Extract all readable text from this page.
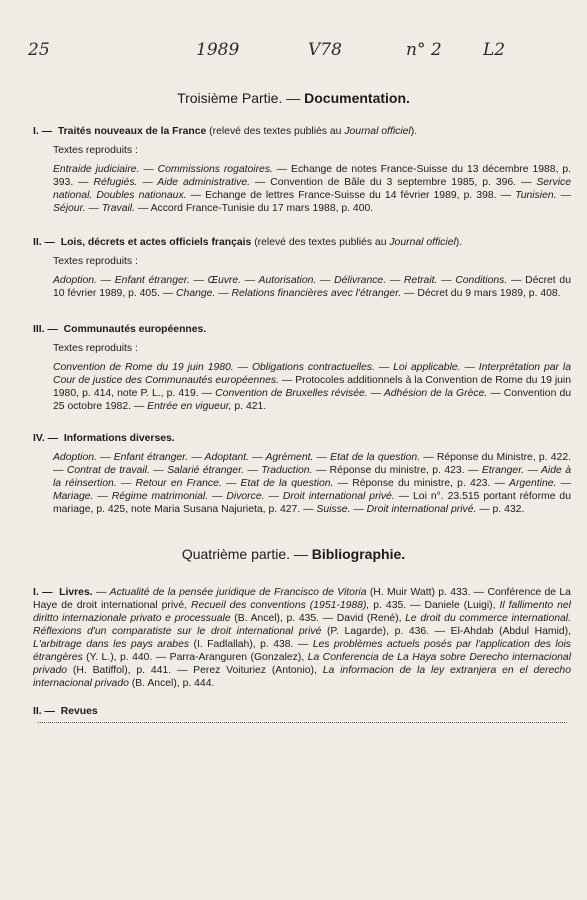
25	1989	V78	n° 2 L2
Troisième Partie. — Documentation.

I. — Traités nouveaux de la France (relevé des textes publiés au Journal officiel).

Textes reproduits :

Entraide judiciaire. — Commissions rogatoires. — Echange de notes France-Suisse du 13 décembre 1988, p. 393. — Réfugiés. — Aide administrative. — Convention de Bâle du 3 septembre 1985, p. 396. — Service national. Doubles nationaux. — Echange de lettres France-Suisse du 14 février 1989, p. 398. — Tunisien. — Séjour. — Travail. — Accord France-Tunisie du 17 mars 1988, p. 400.

II. — Lois, décrets et actes officiels français (relevé des textes publiés au Journal officiel).

Textes reproduits :

Adoption. — Enfant étranger. — Œuvre. — Autorisation. — Délivrance. — Retrait. — Conditions. — Décret du 10 février 1989, p. 405. — Change. — Relations financières avec l'étranger. — Décret du 9 mars 1989, p. 408.

III. — Communautés européennes.

Textes reproduits :

Convention de Rome du 19 juin 1980. — Obligations contractuelles. — Loi applicable. — Interprétation par la Cour de justice des Communautés européennes. — Protocoles additionnels à la Convention de Rome du 19 juin 1980, p. 414, note P. L., p. 419. — Convention de Bruxelles révisée. — Adhésion de la Grèce. — Convention du 25 octobre 1982. — Entrée en vigueur, p. 421.

IV. — Informations diverses.

Adoption. — Enfant étranger. — Adoptant. — Agrément. — Etat de la question. — Réponse du Ministre, p. 422. — Contrat de travail. — Salarié étranger. — Traduction. — Réponse du ministre, p. 423. — Etranger. — Aide à la réinsertion. — Retour en France. — Etat de la question. — Réponse du ministre, p. 423. — Argentine. — Mariage. — Régime matrimonial. — Divorce. — Droit international privé. — Loi n°. 23.515 portant réforme du mariage, p. 425, note Maria Susana Najurieta, p. 427. — Suisse. — Droit international privé. — p. 432.

Quatrième partie. — Bibliographie.

I. — Livres. — Actualité de la pensée juridique de Francisco de Vitoria (H. Muir Watt) p. 433. — Conférence de La Haye de droit international privé, Recueil des conventions (1951-1988), p. 435. — Daniele (Luigi), Il fallimento nel diritto internazionale privato e processuale (B. Ancel), p. 435. — David (René), Le droit du commerce international. Réflexions d'un comparatiste sur le droit international privé (P. Lagarde), p. 436. — El-Ahdab (Abdul Hamid), L'arbitrage dans les pays arabes (I. Fadlallah), p. 438. — Les problèmes actuels posés par l'application des lois étrangères (Y. L.), p. 440. — Parra-Aranguren (Gonzalez), La Conferencia de La Haya sobre Derecho internacional privado (H. Batiffol), p. 441. — Perez Voituriez (Antonio), La informacion de la ley extranjera en el derecho internacional privado (B. Ancel), p. 444.

II. — Revues
